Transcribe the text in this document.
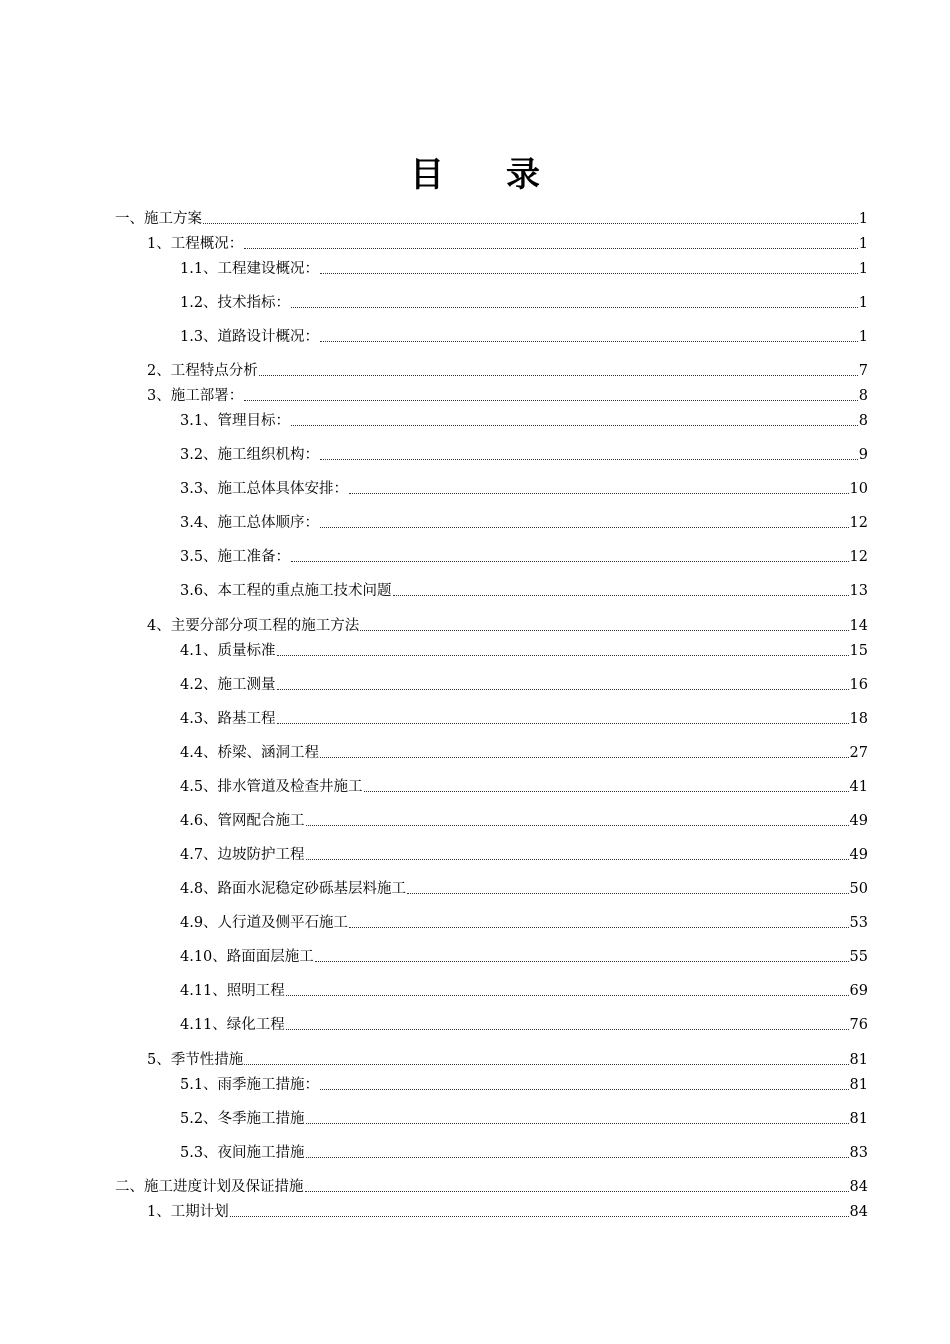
目 录
一、施工方案	1
1、工程概况：	1
1.1、工程建设概况：	1
1.2、技术指标：	1
1.3、道路设计概况：	1
2、工程特点分析	7
3、施工部署：	8
3.1、管理目标：	8
3.2、施工组织机构：	9
3.3、施工总体具体安排：	10
3.4、施工总体顺序：	12
3.5、施工准备：	12
3.6、本工程的重点施工技术问题	13
4、主要分部分项工程的施工方法	14
4.1、质量标准	15
4.2、施工测量	16
4.3、路基工程	18
4.4、桥梁、涵洞工程	27
4.5、排水管道及检查井施工	41
4.6、管网配合施工	49
4.7、边坡防护工程	49
4.8、路面水泥稳定砂砾基层料施工	50
4.9、人行道及侧平石施工	53
4.10、路面面层施工	55
4.11、照明工程	69
4.11、绿化工程	76
5、季节性措施	81
5.1、雨季施工措施：	81
5.2、冬季施工措施	81
5.3、夜间施工措施	83
二、施工进度计划及保证措施	84
1、工期计划	84
